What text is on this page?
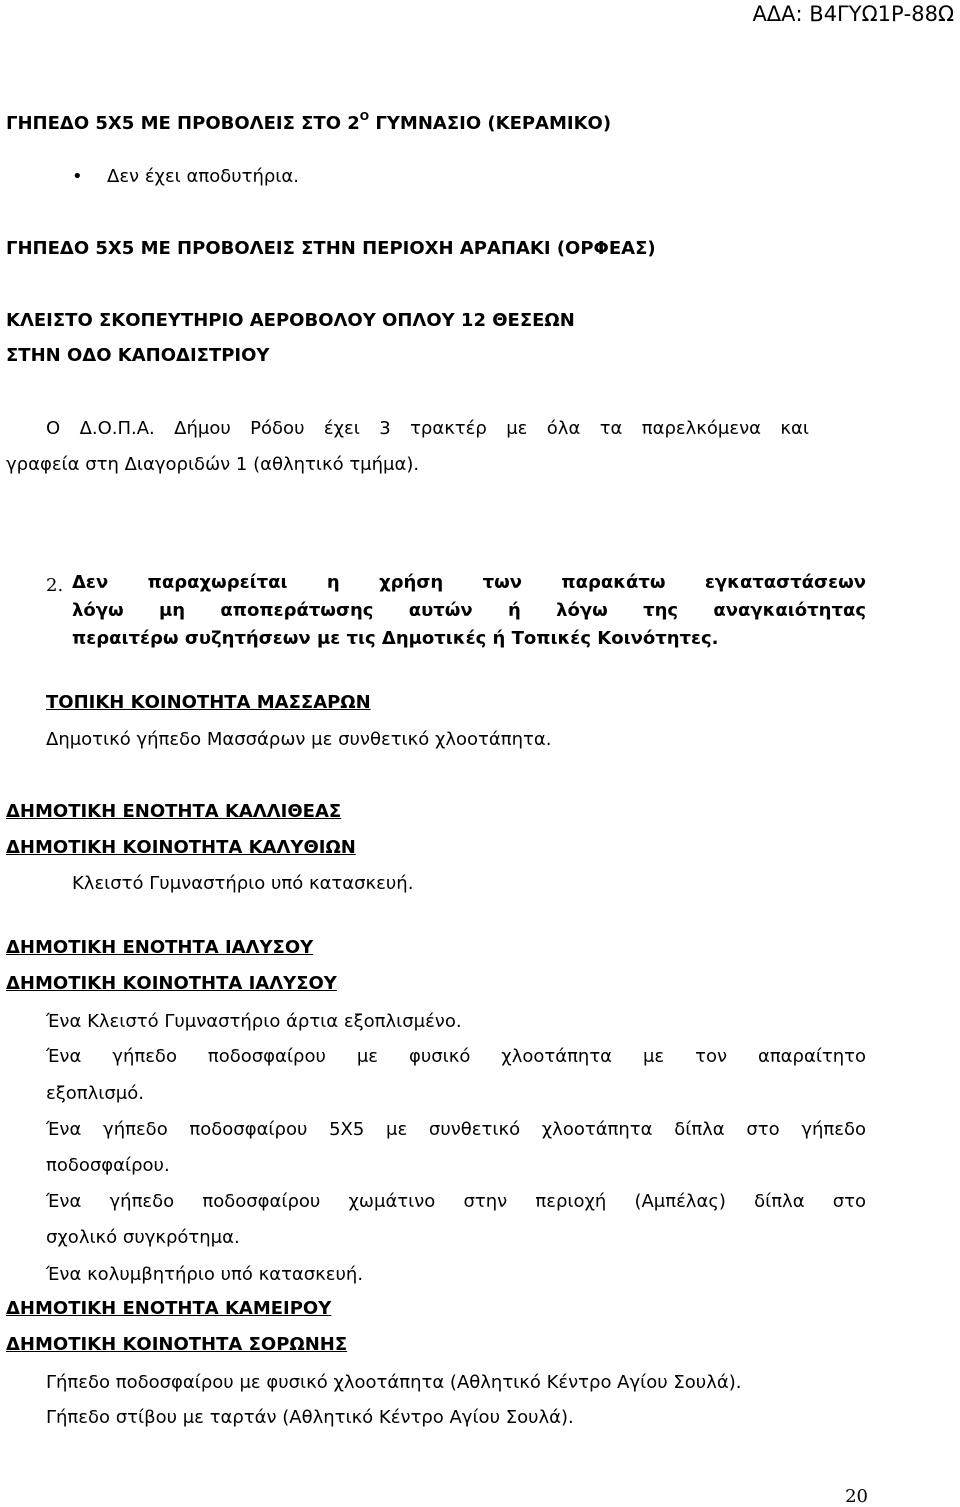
ΑΔΑ: Β4ΓΥΩ1Ρ-88Ω
ΓΗΠΕΔΟ 5Χ5 ΜΕ ΠΡΟΒΟΛΕΙΣ ΣΤΟ $2^O$ ΓΥΜΝΑΣΙΟ (ΚΕΡΑΜΙΚΟ)
• Δεν έχει αποδυτήρια.
ΓΗΠΕΔΟ 5Χ5 ΜΕ ΠΡΟΒΟΛΕΙΣ ΣΤΗΝ ΠΕΡΙΟΧΗ ΑΡΑΠΑΚΙ (ΟΡΦΕΑΣ)
ΚΛΕΙΣΤΟ ΣΚΟΠΕΥΤΗΡΙΟ ΑΕΡΟΒΟΛΟΥ ΟΠΛΟΥ 12 ΘΕΣΕΩΝ
ΣΤΗΝ ΟΔΟ ΚΑΠΟΔΙΣΤΡΙΟΥ
Ο Δ.Ο.Π.Α. Δήμου Ρόδου έχει 3 τρακτέρ με όλα τα παρελκόμενα και
γραφεία στη Διαγοριδών 1 (αθλητικό τμήμα).
2. Δεν παραχωρείται η χρήση των παρακάτω εγκαταστάσεων
λόγω μη αποπεράτωσης αυτών ή λόγω της αναγκαιότητας
περαιτέρω συζητήσεων με τις Δημοτικές ή Τοπικές Κοινότητες.
ΤΟΠΙΚΗ ΚΟΙΝΟΤΗΤΑ ΜΑΣΣΑΡΩΝ
Δημοτικό γήπεδο Μασσάρων με συνθετικό χλοοτάπητα.
ΔΗΜΟΤΙΚΗ ΕΝΟΤΗΤΑ ΚΑΛΛΙΘΕΑΣ
ΔΗΜΟΤΙΚΗ ΚΟΙΝΟΤΗΤΑ ΚΑΛΥΘΙΩΝ
Κλειστό Γυμναστήριο υπό κατασκευή.
ΔΗΜΟΤΙΚΗ ΕΝΟΤΗΤΑ ΙΑΛΥΣΟΥ
ΔΗΜΟΤΙΚΗ ΚΟΙΝΟΤΗΤΑ ΙΑΛΥΣΟΥ
Ένα Κλειστό Γυμναστήριο άρτια εξοπλισμένο.
Ένα γήπεδο ποδοσφαίρου με φυσικό χλοοτάπητα με τον απαραίτητο
εξοπλισμό.
Ένα γήπεδο ποδοσφαίρου 5Χ5 με συνθετικό χλοοτάπητα δίπλα στο γήπεδο
ποδοσφαίρου.
Ένα γήπεδο ποδοσφαίρου χωμάτινο στην περιοχή (Αμπέλας) δίπλα στο
σχολικό συγκρότημα.
Ένα κολυμβητήριο υπό κατασκευή.
ΔΗΜΟΤΙΚΗ ΕΝΟΤΗΤΑ ΚΑΜΕΙΡΟΥ
ΔΗΜΟΤΙΚΗ ΚΟΙΝΟΤΗΤΑ ΣΟΡΩΝΗΣ
Γήπεδο ποδοσφαίρου με φυσικό χλοοτάπητα (Αθλητικό Κέντρο Αγίου Σουλά).
Γήπεδο στίβου με ταρτάν (Αθλητικό Κέντρο Αγίου Σουλά).
20
